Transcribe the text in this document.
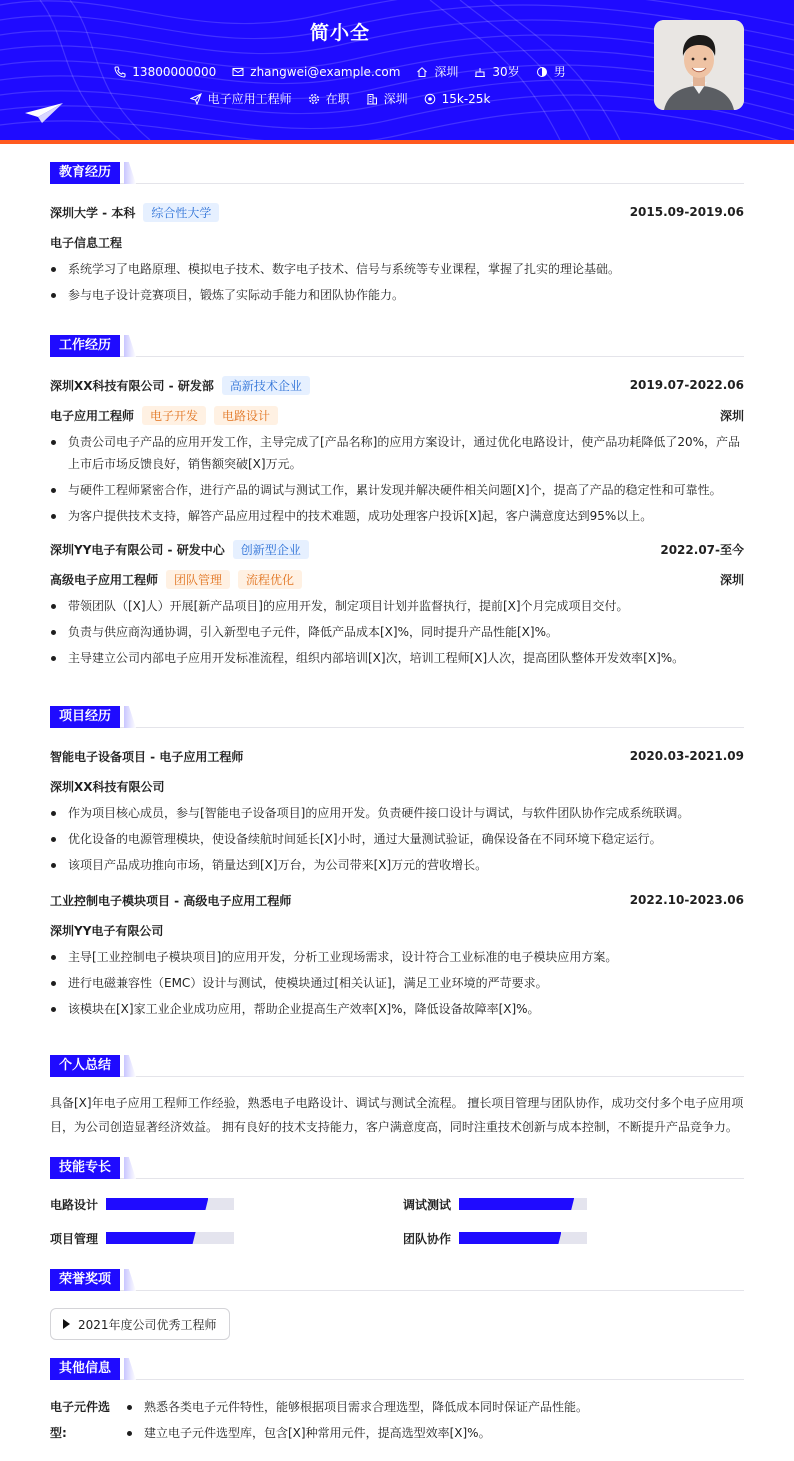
简小全
13800000000	zhangwei@example.com	深圳	30岁	男
电子应用工程师	在职	深圳	15k-25k
教育经历
深圳大学 - 本科	综合性大学	2015.09-2019.06
电子信息工程
系统学习了电路原理、模拟电子技术、数字电子技术、信号与系统等专业课程，掌握了扎实的理论基础。
参与电子设计竞赛项目，锻炼了实际动手能力和团队协作能力。
工作经历
深圳XX科技有限公司 - 研发部	高新技术企业	2019.07-2022.06
电子应用工程师	电子开发	电路设计	深圳
负责公司电子产品的应用开发工作，主导完成了[产品名称]的应用方案设计，通过优化电路设计，使产品功耗降低了20%，产品上市后市场反馈良好，销售额突破[X]万元。
与硬件工程师紧密合作，进行产品的调试与测试工作，累计发现并解决硬件相关问题[X]个，提高了产品的稳定性和可靠性。
为客户提供技术支持，解答产品应用过程中的技术难题，成功处理客户投诉[X]起，客户满意度达到95%以上。
深圳YY电子有限公司 - 研发中心	创新型企业	2022.07-至今
高级电子应用工程师	团队管理	流程优化	深圳
带领团队（[X]人）开展[新产品项目]的应用开发，制定项目计划并监督执行，提前[X]个月完成项目交付。
负责与供应商沟通协调，引入新型电子元件，降低产品成本[X]%，同时提升产品性能[X]%。
主导建立公司内部电子应用开发标准流程，组织内部培训[X]次，培训工程师[X]人次，提高团队整体开发效率[X]%。
项目经历
智能电子设备项目 - 电子应用工程师	2020.03-2021.09
深圳XX科技有限公司
作为项目核心成员，参与[智能电子设备项目]的应用开发。负责硬件接口设计与调试，与软件团队协作完成系统联调。
优化设备的电源管理模块，使设备续航时间延长[X]小时，通过大量测试验证，确保设备在不同环境下稳定运行。
该项目产品成功推向市场，销量达到[X]万台，为公司带来[X]万元的营收增长。
工业控制电子模块项目 - 高级电子应用工程师	2022.10-2023.06
深圳YY电子有限公司
主导[工业控制电子模块项目]的应用开发，分析工业现场需求，设计符合工业标准的电子模块应用方案。
进行电磁兼容性（EMC）设计与测试，使模块通过[相关认证]，满足工业环境的严苛要求。
该模块在[X]家工业企业成功应用，帮助企业提高生产效率[X]%，降低设备故障率[X]%。
个人总结
具备[X]年电子应用工程师工作经验，熟悉电子电路设计、调试与测试全流程。 擅长项目管理与团队协作，成功交付多个电子应用项目，为公司创造显著经济效益。 拥有良好的技术支持能力，客户满意度高，同时注重技术创新与成本控制，不断提升产品竞争力。
技能专长
电路设计	调试测试
项目管理	团队协作
荣誉奖项
2021年度公司优秀工程师
其他信息
电子元件选型:
熟悉各类电子元件特性，能够根据项目需求合理选型，降低成本同时保证产品性能。
建立电子元件选型库，包含[X]种常用元件，提高选型效率[X]%。
